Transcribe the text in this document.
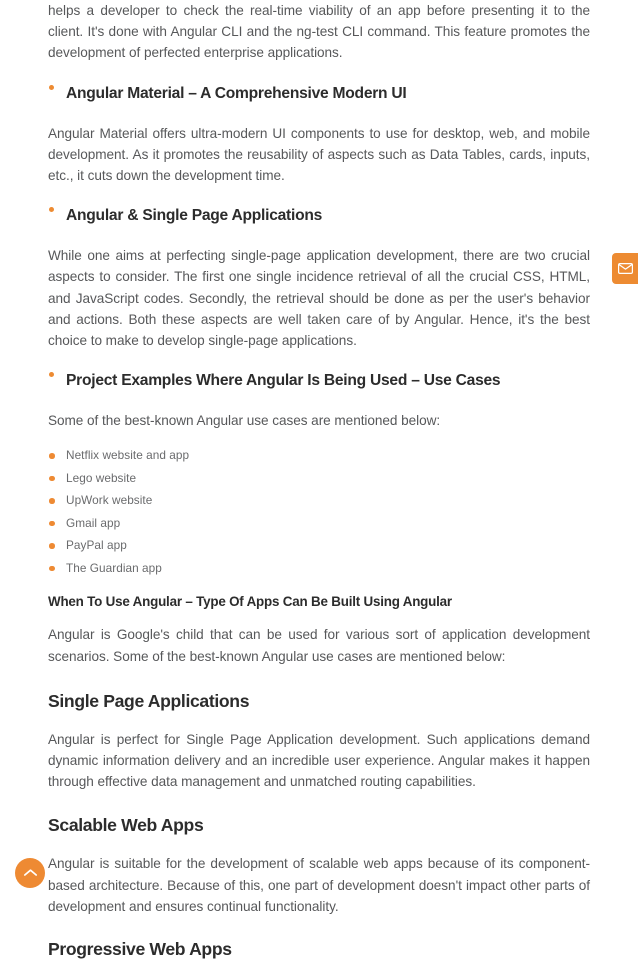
helps a developer to check the real-time viability of an app before presenting it to the client. It's done with Angular CLI and the ng-test CLI command. This feature promotes the development of perfected enterprise applications.

Angular Material – A Comprehensive Modern UI

Angular Material offers ultra-modern UI components to use for desktop, web, and mobile development. As it promotes the reusability of aspects such as Data Tables, cards, inputs, etc., it cuts down the development time.

Angular & Single Page Applications

While one aims at perfecting single-page application development, there are two crucial aspects to consider. The first one single incidence retrieval of all the crucial CSS, HTML, and JavaScript codes. Secondly, the retrieval should be done as per the user's behavior and actions. Both these aspects are well taken care of by Angular. Hence, it's the best choice to make to develop single-page applications.

Project Examples Where Angular Is Being Used – Use Cases

Some of the best-known Angular use cases are mentioned below:

Netflix website and app
Lego website
UpWork website
Gmail app
PayPal app
The Guardian app

When To Use Angular – Type Of Apps Can Be Built Using Angular

Angular is Google's child that can be used for various sort of application development scenarios. Some of the best-known Angular use cases are mentioned below:

Single Page Applications

Angular is perfect for Single Page Application development. Such applications demand dynamic information delivery and an incredible user experience. Angular makes it happen through effective data management and unmatched routing capabilities.

Scalable Web Apps

Angular is suitable for the development of scalable web apps because of its component-based architecture. Because of this, one part of development doesn't impact other parts of development and ensures continual functionality.

Progressive Web Apps
